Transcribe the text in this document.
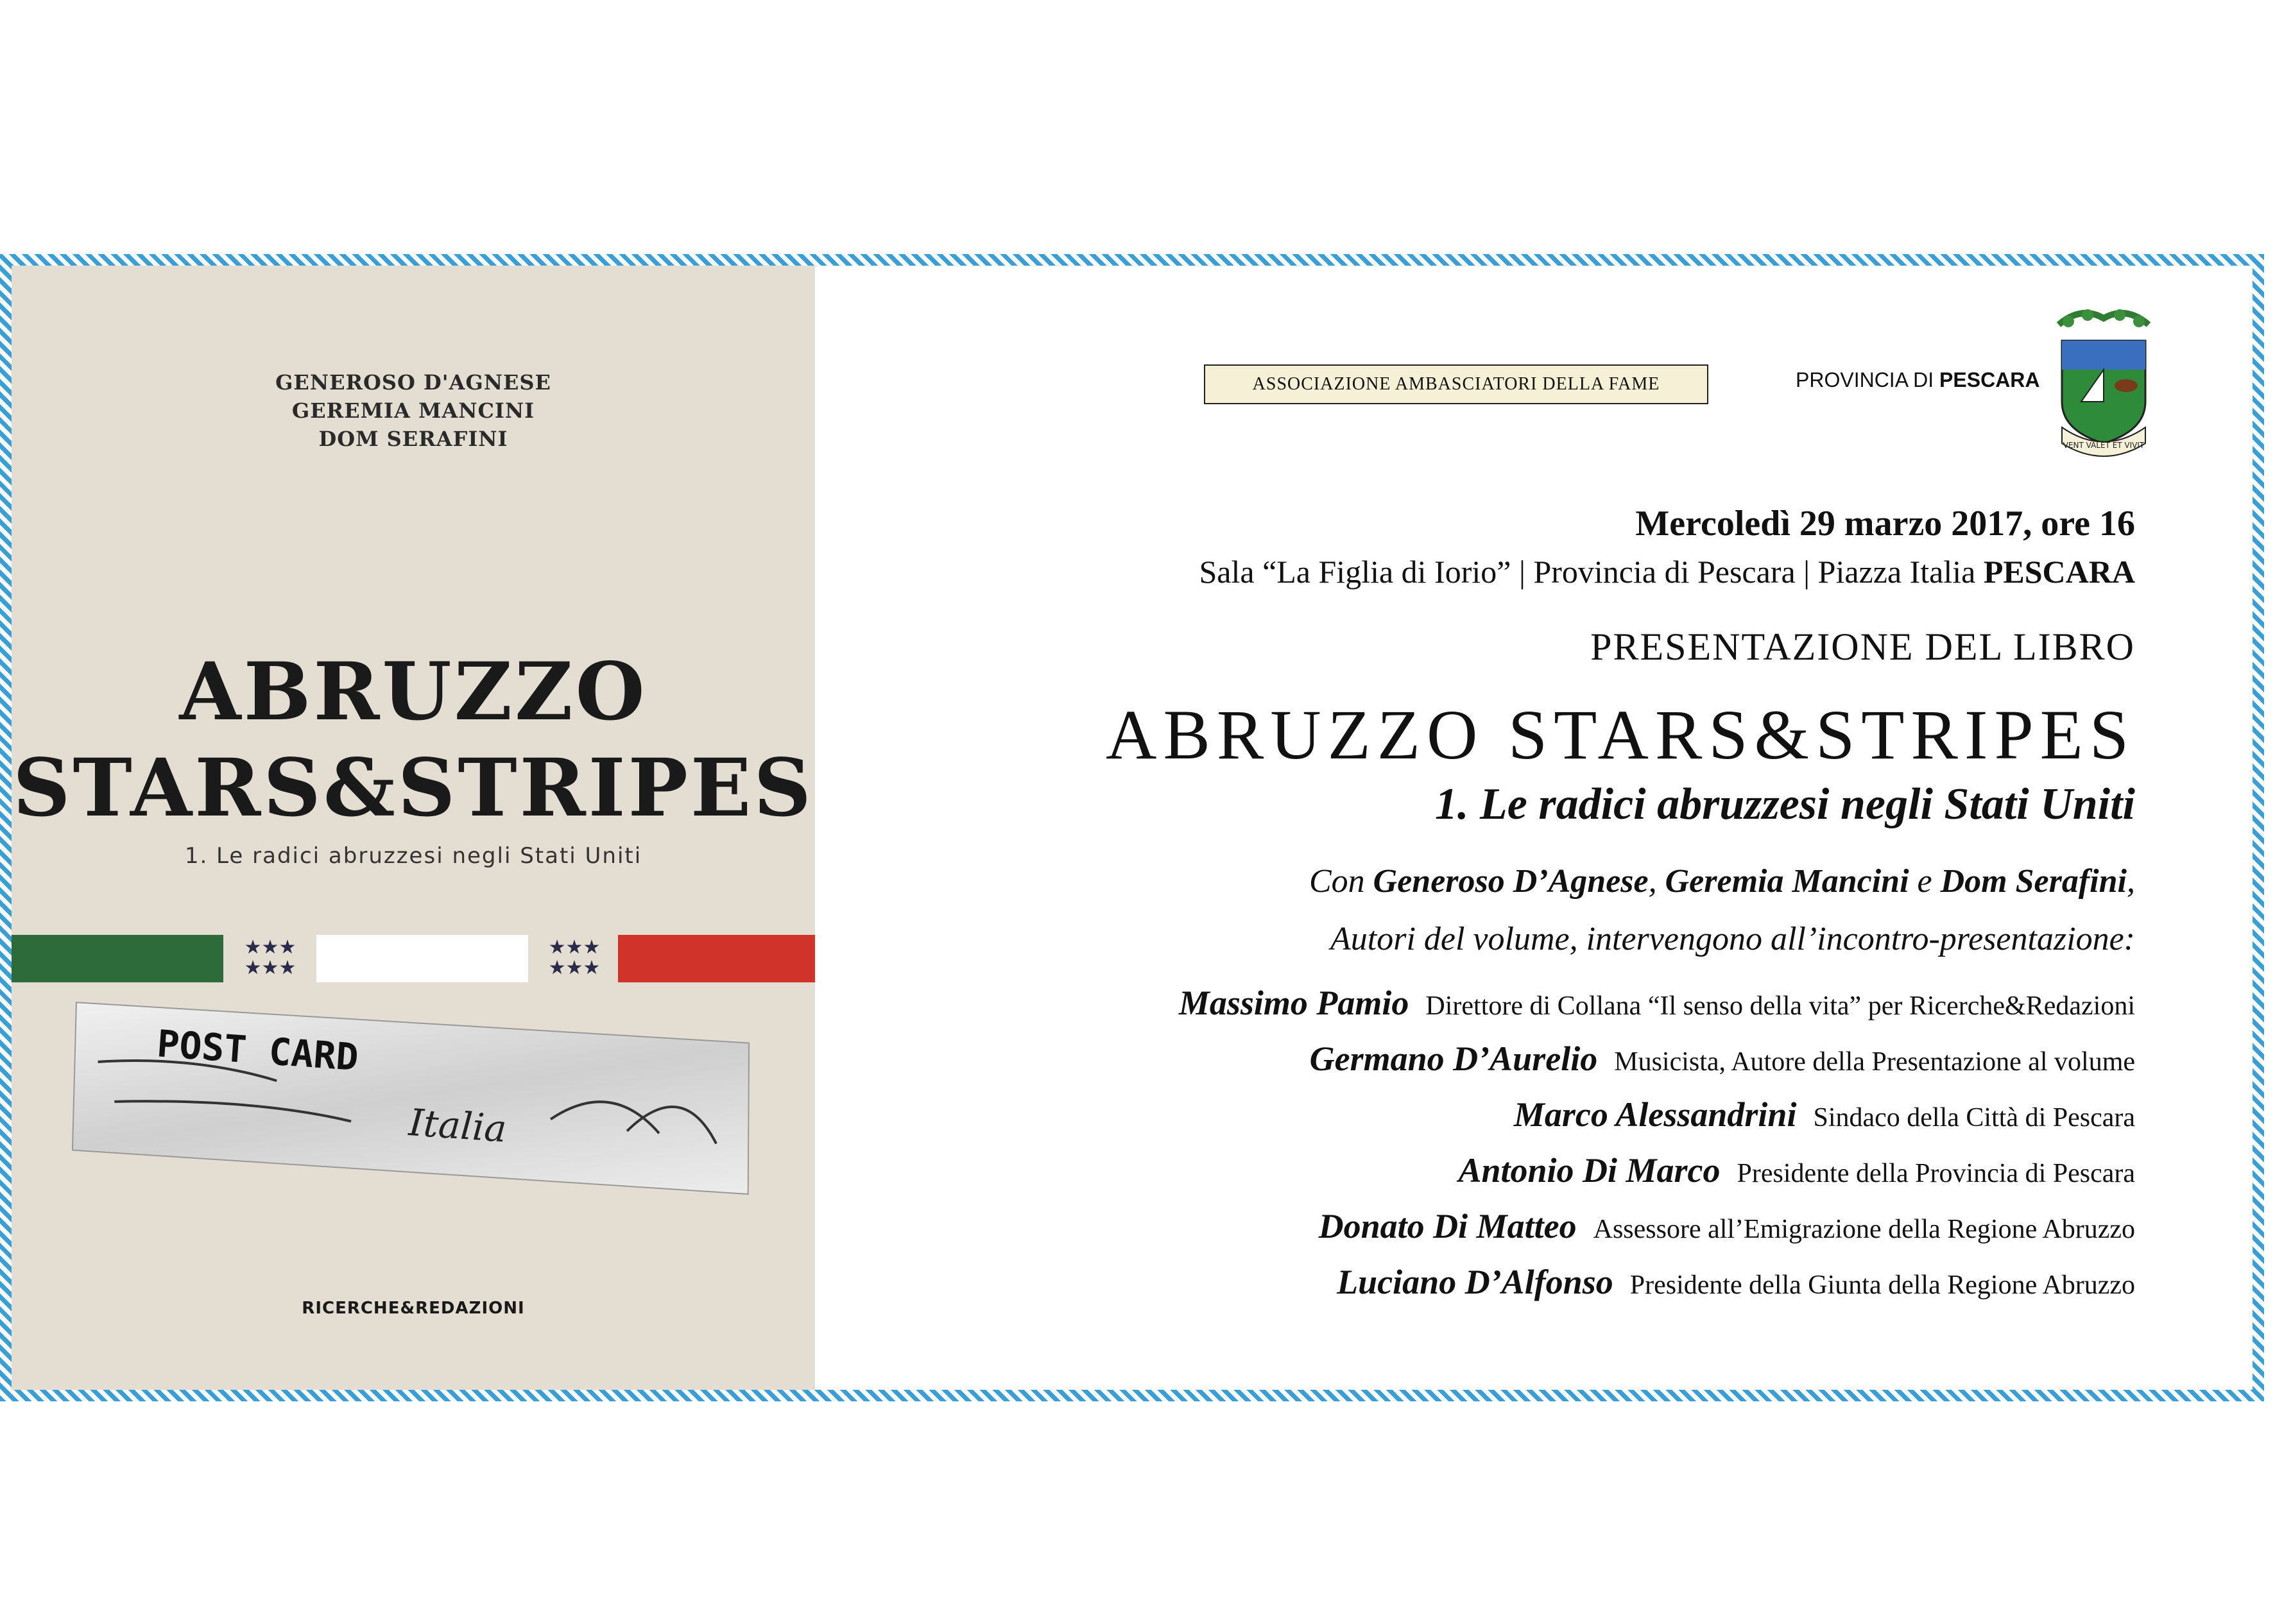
GENEROSO D'AGNESE
GEREMIA MANCINI
DOM SERAFINI
ABRUZZO
STARS&STRIPES
1. Le radici abruzzesi negli Stati Uniti
★★★
★★★
★★★
★★★
POST CARD
Italia
RICERCHE&REDAZIONI
ASSOCIAZIONE AMBASCIATORI DELLA FAME	PROVINCIA DI PESCARA
VENT VALET ET VIVIT
Mercoledì 29 marzo 2017, ore 16
Sala “La Figlia di Iorio” | Provincia di Pescara | Piazza Italia PESCARA
PRESENTAZIONE DEL LIBRO
ABRUZZO STARS&STRIPES
1. Le radici abruzzesi negli Stati Uniti
Con Generoso D’Agnese, Geremia Mancini e Dom Serafini,
Autori del volume, intervengono all’incontro-presentazione:
Massimo Pamio Direttore di Collana “Il senso della vita” per Ricerche&Redazioni
Germano D’Aurelio Musicista, Autore della Presentazione al volume
Marco Alessandrini Sindaco della Città di Pescara
Antonio Di Marco Presidente della Provincia di Pescara
Donato Di Matteo Assessore all’Emigrazione della Regione Abruzzo
Luciano D’Alfonso Presidente della Giunta della Regione Abruzzo
